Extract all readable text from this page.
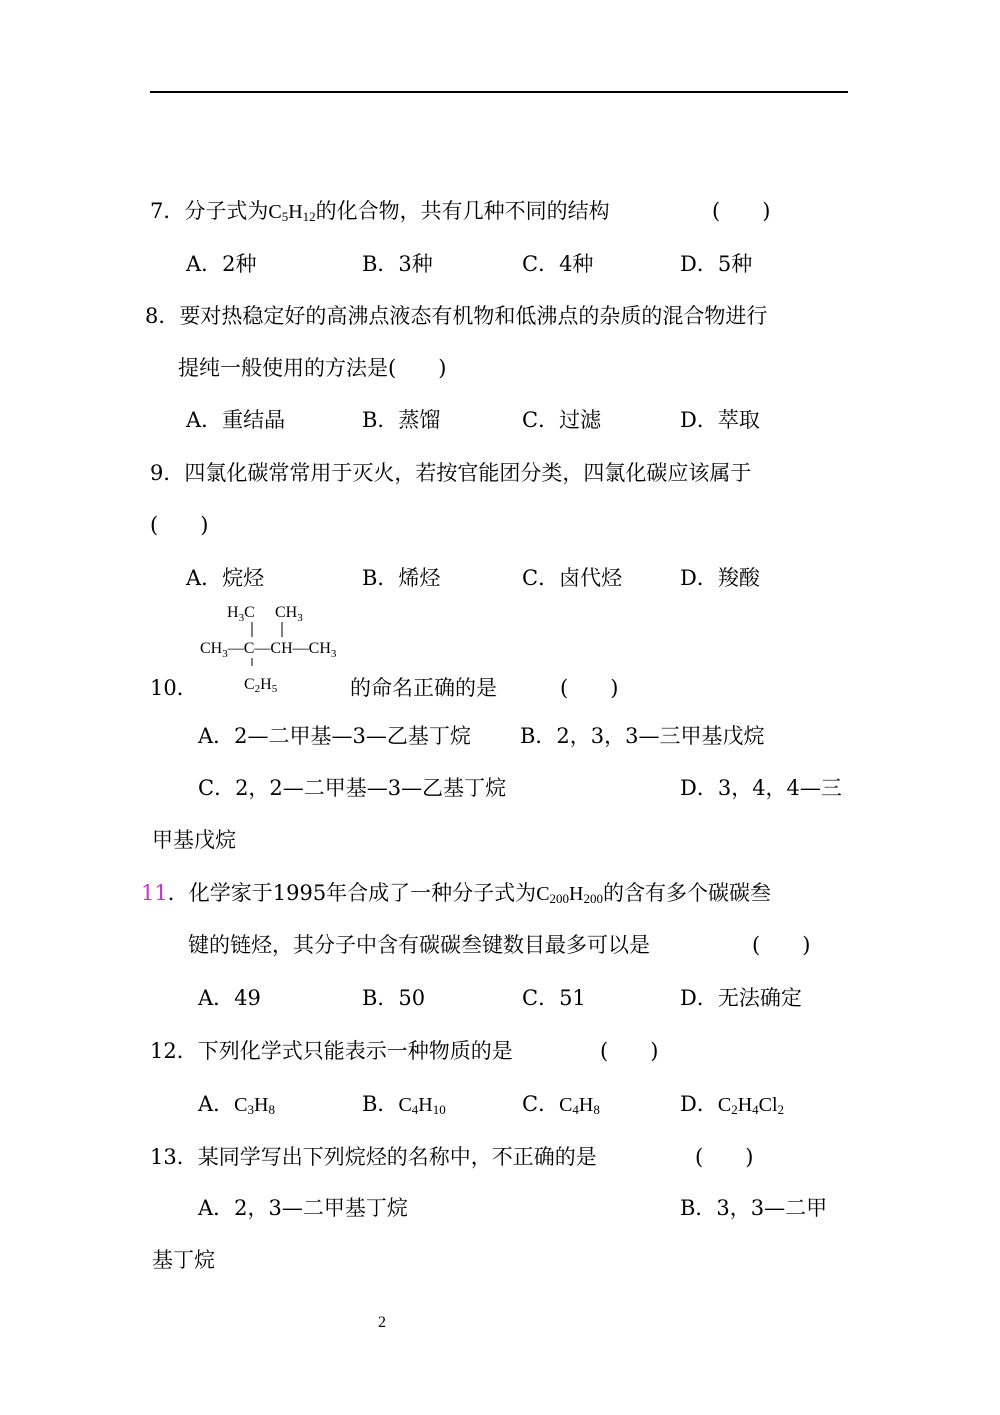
7．分子式为$C_5H_{12}$的化合物，共有几种不同的结构	(　　)
A．2种	B．3种	C．4种	D．5种
8．要对热稳定好的高沸点液态有机物和低沸点的杂质的混合物进行
提纯一般使用的方法是(　　)
A．重结晶	B．蒸馏	C．过滤	D．萃取
9．四氯化碳常常用于灭火，若按官能团分类，四氯化碳应该属于
(　　)
A．烷烃	B．烯烃	C．卤代烃	D．羧酸
$H_3C$ $CH_3$
$CH_3—C—CH—CH_3$
$C_2H_5$
10．	的命名正确的是	(　　)
A．2—二甲基—3—乙基丁烷 B．2，3，3—三甲基戊烷
C．2，2—二甲基—3—乙基丁烷	D．3，4，4—三
甲基戊烷
11．化学家于1995年合成了一种分子式为$C_{200}H_{200}$的含有多个碳碳叁
键的链烃，其分子中含有碳碳叁键数目最多可以是	(　　)
A．49	B．50	C．51	D．无法确定
12．下列化学式只能表示一种物质的是	(　　)
A．$C_3H_8$	B．$C_4H_{10}$	C．$C_4H_8$	D．$C_2H_4Cl_2$
13．某同学写出下列烷烃的名称中，不正确的是	(　　)
A．2，3—二甲基丁烷	B．3，3—二甲
基丁烷
2
